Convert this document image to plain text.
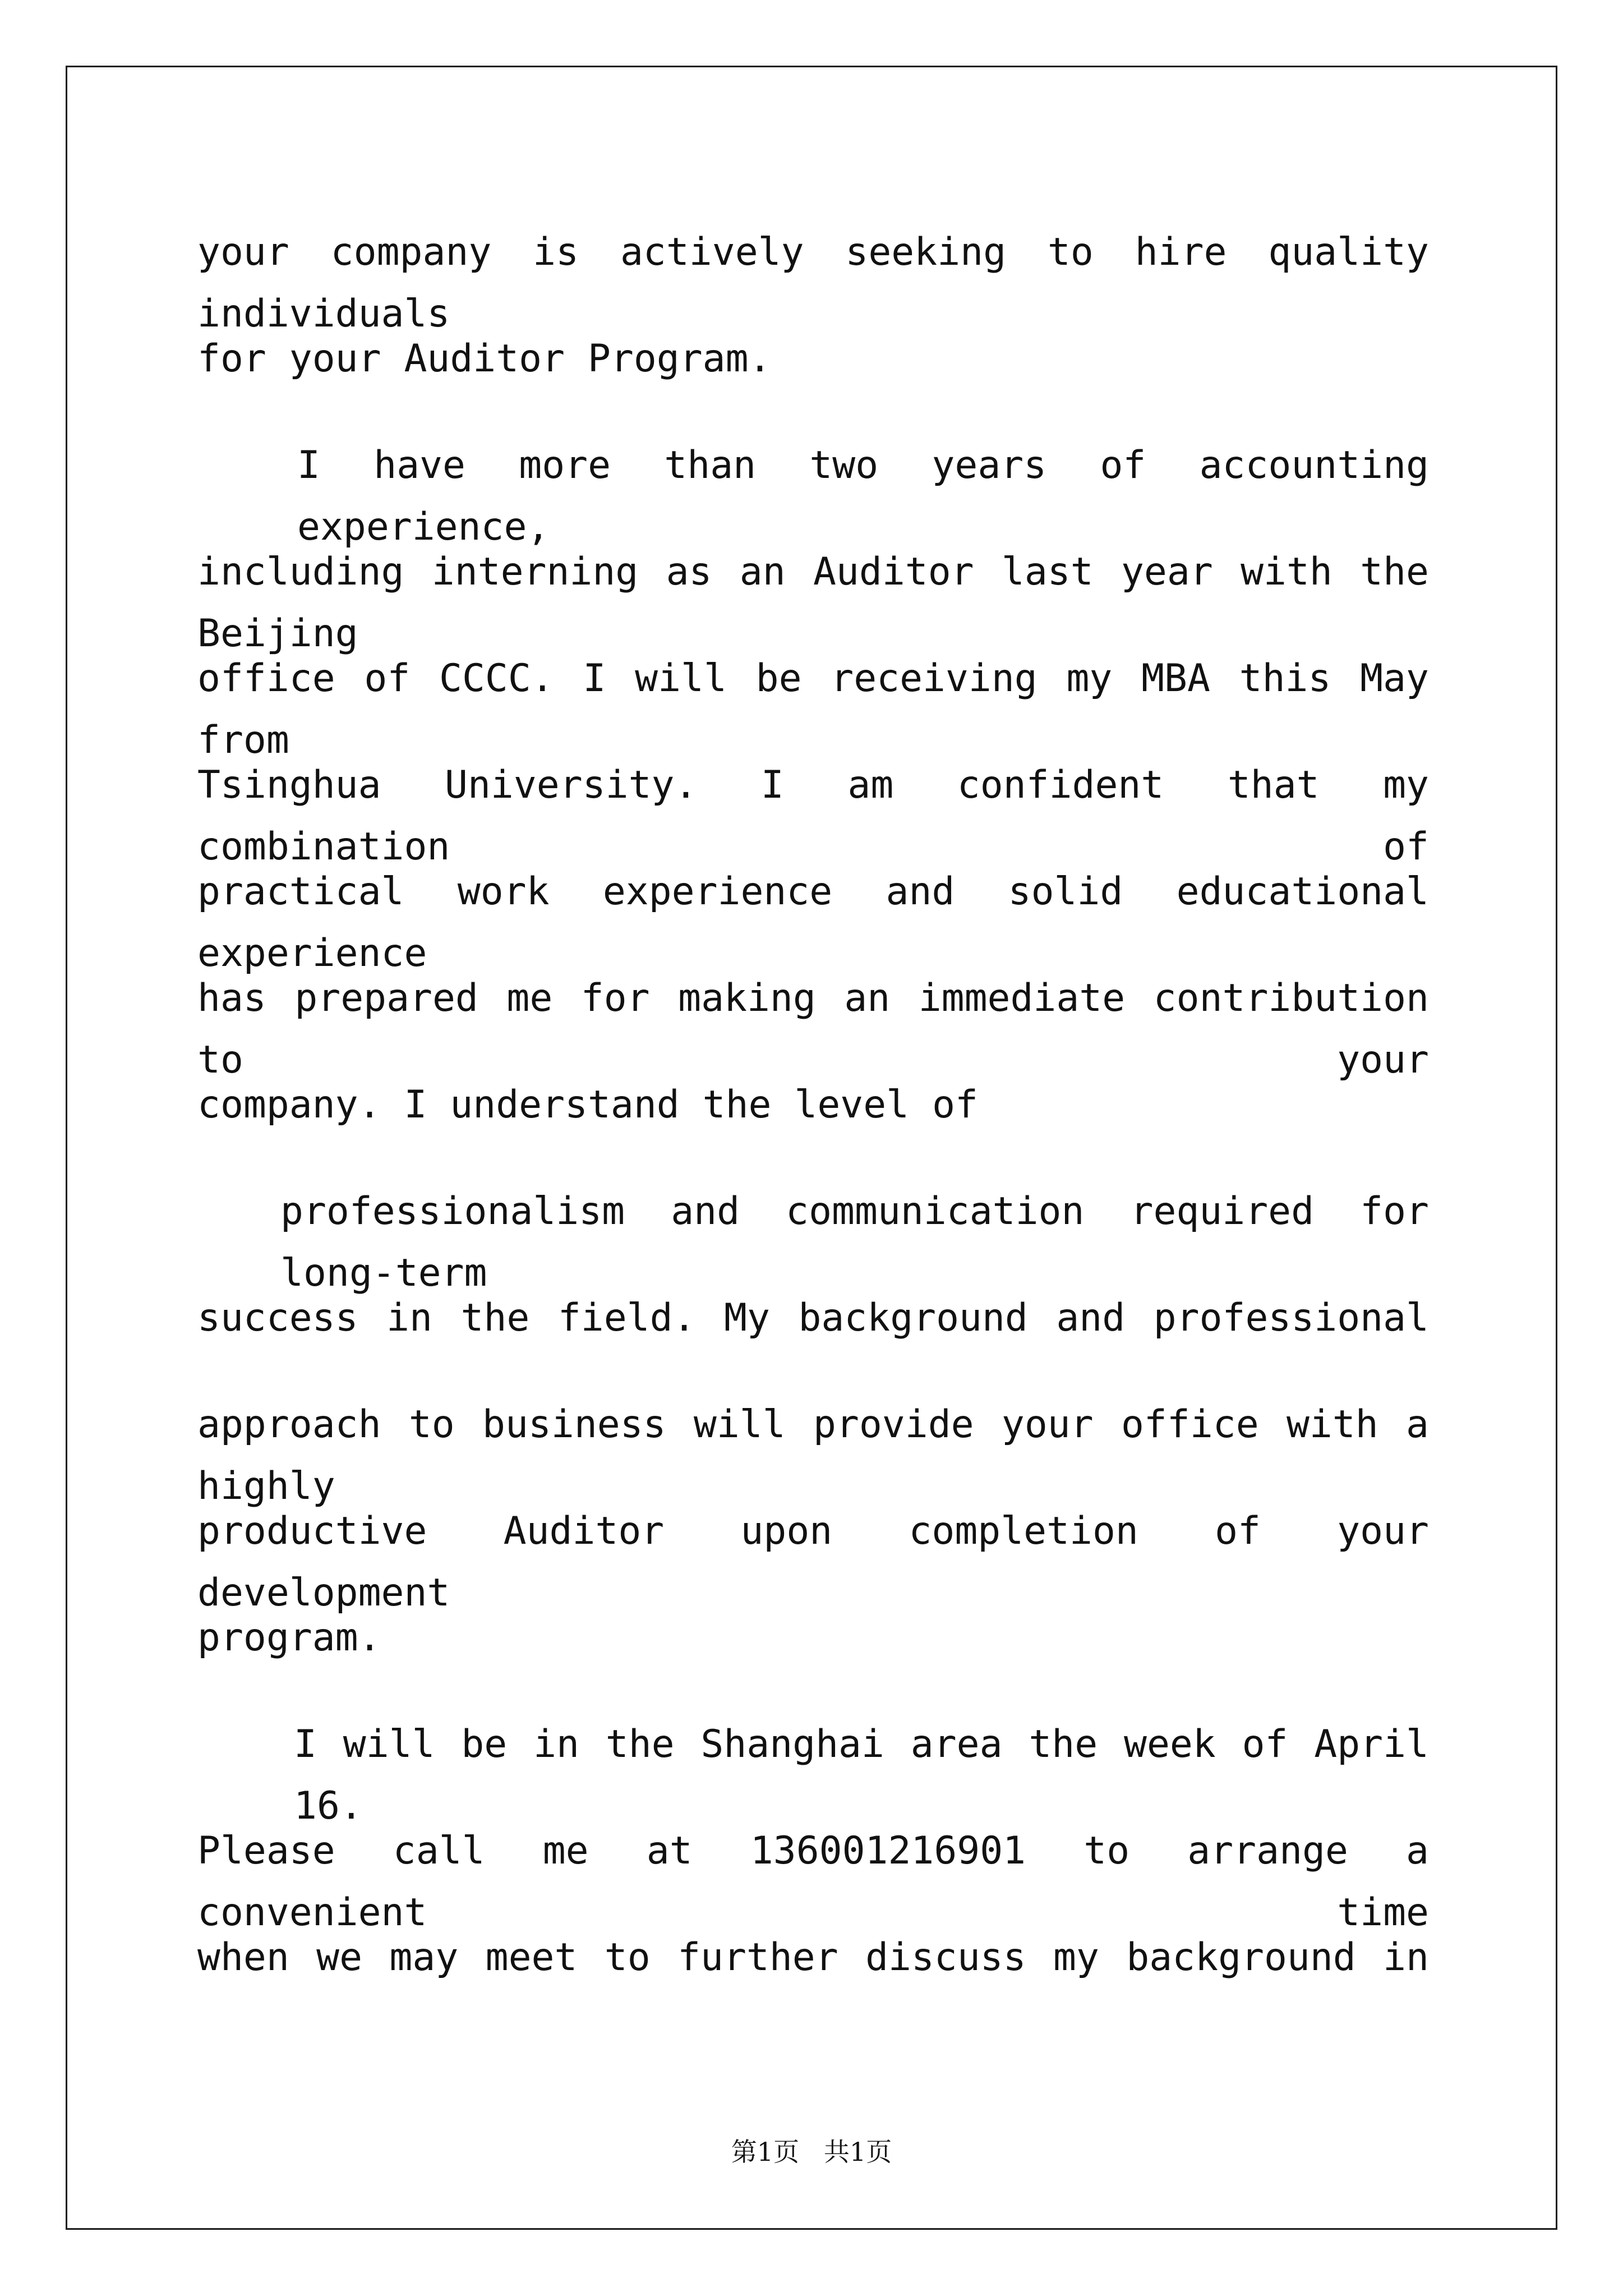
your company is actively seeking to hire quality individuals
for your Auditor Program.
I have more than two years of accounting experience,
including interning as an Auditor last year with the Beijing
office of CCCC. I will be receiving my MBA this May from
Tsinghua University. I am confident that my combination of
practical work experience and solid educational experience
has prepared me for making an immediate contribution to your
company. I understand the level of
professionalism and communication required for long-term
success in the field. My background and professional
approach to business will provide your office with a highly
productive Auditor upon completion of your development
program.
I will be in the Shanghai area the week of April 16.
Please call me at 136001216901 to arrange a convenient time
when we may meet to further discuss my background in
第1页   共1页
